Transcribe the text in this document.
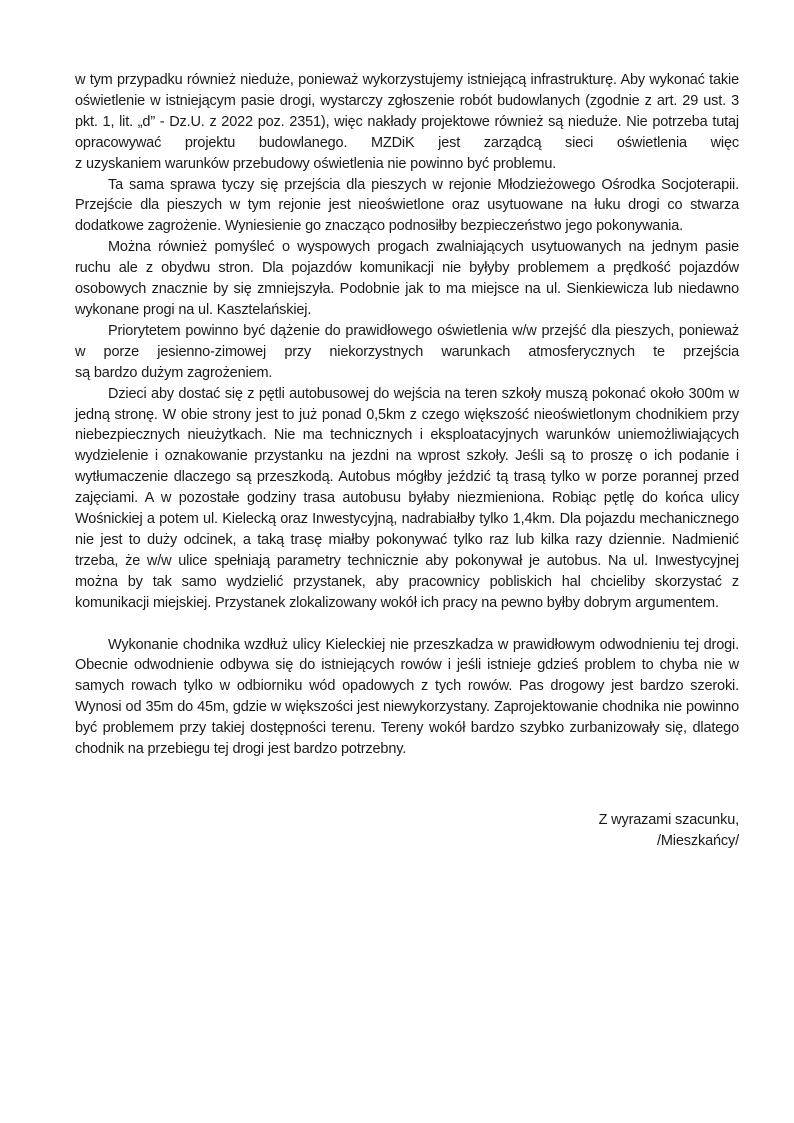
w tym przypadku również nieduże, ponieważ wykorzystujemy istniejącą infrastrukturę. Aby wykonać takie oświetlenie w istniejącym pasie drogi, wystarczy zgłoszenie robót budowlanych (zgodnie z art. 29 ust. 3 pkt. 1, lit. „d” - Dz.U. z 2022 poz. 2351), więc nakłady projektowe również są nieduże. Nie potrzeba tutaj opracowywać projektu budowlanego. MZDiK jest zarządcą sieci oświetlenia więc
z uzyskaniem warunków przebudowy oświetlenia nie powinno być problemu.
Ta sama sprawa tyczy się przejścia dla pieszych w rejonie Młodzieżowego Ośrodka Socjoterapii. Przejście dla pieszych w tym rejonie jest nieoświetlone oraz usytuowane na łuku drogi co stwarza dodatkowe zagrożenie. Wyniesienie go znacząco podnosiłby bezpieczeństwo jego pokonywania.
Można również pomyśleć o wyspowych progach zwalniających usytuowanych na jednym pasie ruchu ale z obydwu stron. Dla pojazdów komunikacji nie byłyby problemem a prędkość pojazdów osobowych znacznie by się zmniejszyła. Podobnie jak to ma miejsce na ul. Sienkiewicza lub niedawno wykonane progi na ul. Kasztelańskiej.
Priorytetem powinno być dążenie do prawidłowego oświetlenia w/w przejść dla pieszych, ponieważ w porze jesienno-zimowej przy niekorzystnych warunkach atmosferycznych te przejścia
są bardzo dużym zagrożeniem.
Dzieci aby dostać się z pętli autobusowej do wejścia na teren szkoły muszą pokonać około 300m w jedną stronę. W obie strony jest to już ponad 0,5km z czego większość nieoświetlonym chodnikiem przy niebezpiecznych nieużytkach. Nie ma technicznych i eksploatacyjnych warunków uniemożliwiających wydzielenie i oznakowanie przystanku na jezdni na wprost szkoły. Jeśli są to proszę o ich podanie i wytłumaczenie dlaczego są przeszkodą. Autobus mógłby jeździć tą trasą tylko w porze porannej przed zajęciami. A w pozostałe godziny trasa autobusu byłaby niezmieniona. Robiąc pętlę do końca ulicy Wośnickiej a potem ul. Kielecką oraz Inwestycyjną, nadrabiałby tylko 1,4km. Dla pojazdu mechanicznego nie jest to duży odcinek, a taką trasę miałby pokonywać tylko raz lub kilka razy dziennie. Nadmienić trzeba, że w/w ulice spełniają parametry technicznie aby pokonywał je autobus. Na ul. Inwestycyjnej można by tak samo wydzielić przystanek, aby pracownicy pobliskich hal chcieliby skorzystać z komunikacji miejskiej. Przystanek zlokalizowany wokół ich pracy na pewno byłby dobrym argumentem.
Wykonanie chodnika wzdłuż ulicy Kieleckiej nie przeszkadza w prawidłowym odwodnieniu tej drogi. Obecnie odwodnienie odbywa się do istniejących rowów i jeśli istnieje gdzieś problem to chyba nie w samych rowach tylko w odbiorniku wód opadowych z tych rowów. Pas drogowy jest bardzo szeroki. Wynosi od 35m do 45m, gdzie w większości jest niewykorzystany. Zaprojektowanie chodnika nie powinno być problemem przy takiej dostępności terenu. Tereny wokół bardzo szybko zurbanizowały się, dlatego chodnik na przebiegu tej drogi jest bardzo potrzebny.
Z wyrazami szacunku,
/Mieszkańcy/
